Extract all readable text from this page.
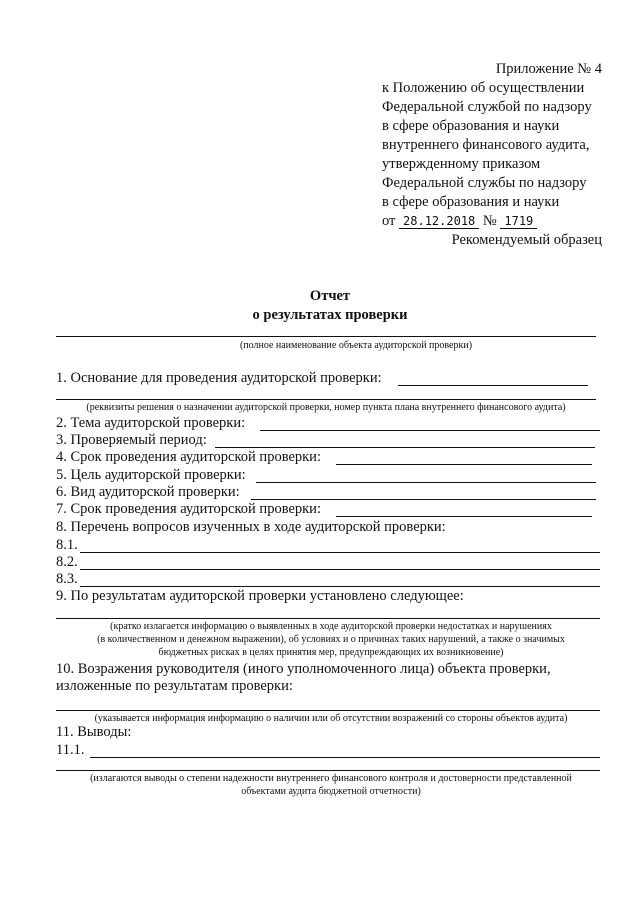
Приложение № 4
к Положению об осуществлении
Федеральной службой по надзору
в сфере образования и науки
внутреннего финансового аудита,
утвержденному приказом
Федеральной службы по надзору
в сфере образования и науки
от 28.12.2018 № 1719
Рекомендуемый образец
Отчет
о результатах проверки
(полное наименование объекта аудиторской проверки)
1. Основание для проведения аудиторской проверки:
(реквизиты решения о назначении аудиторской проверки, номер пункта плана внутреннего финансового аудита)
2. Тема аудиторской проверки:
3. Проверяемый период:
4. Срок проведения аудиторской проверки:
5. Цель аудиторской проверки:
6. Вид аудиторской проверки:
7. Срок проведения аудиторской проверки:
8. Перечень вопросов изученных в ходе аудиторской проверки:
8.1.
8.2.
8.3.
9. По результатам аудиторской проверки установлено следующее:
(кратко излагается информацию о выявленных в ходе аудиторской проверки недостатках и нарушениях
(в количественном и денежном выражении), об условиях и о причинах таких нарушений, а также о значимых
бюджетных рисках в целях принятия мер, предупреждающих их возникновение)
10. Возражения руководителя (иного уполномоченного лица) объекта проверки,
изложенные по результатам проверки:
(указывается информация информацию о наличии или об отсутствии возражений со стороны объектов аудита)
11. Выводы:
11.1.
(излагаются выводы о степени надежности внутреннего финансового контроля и достоверности представленной
объектами аудита бюджетной отчетности)
